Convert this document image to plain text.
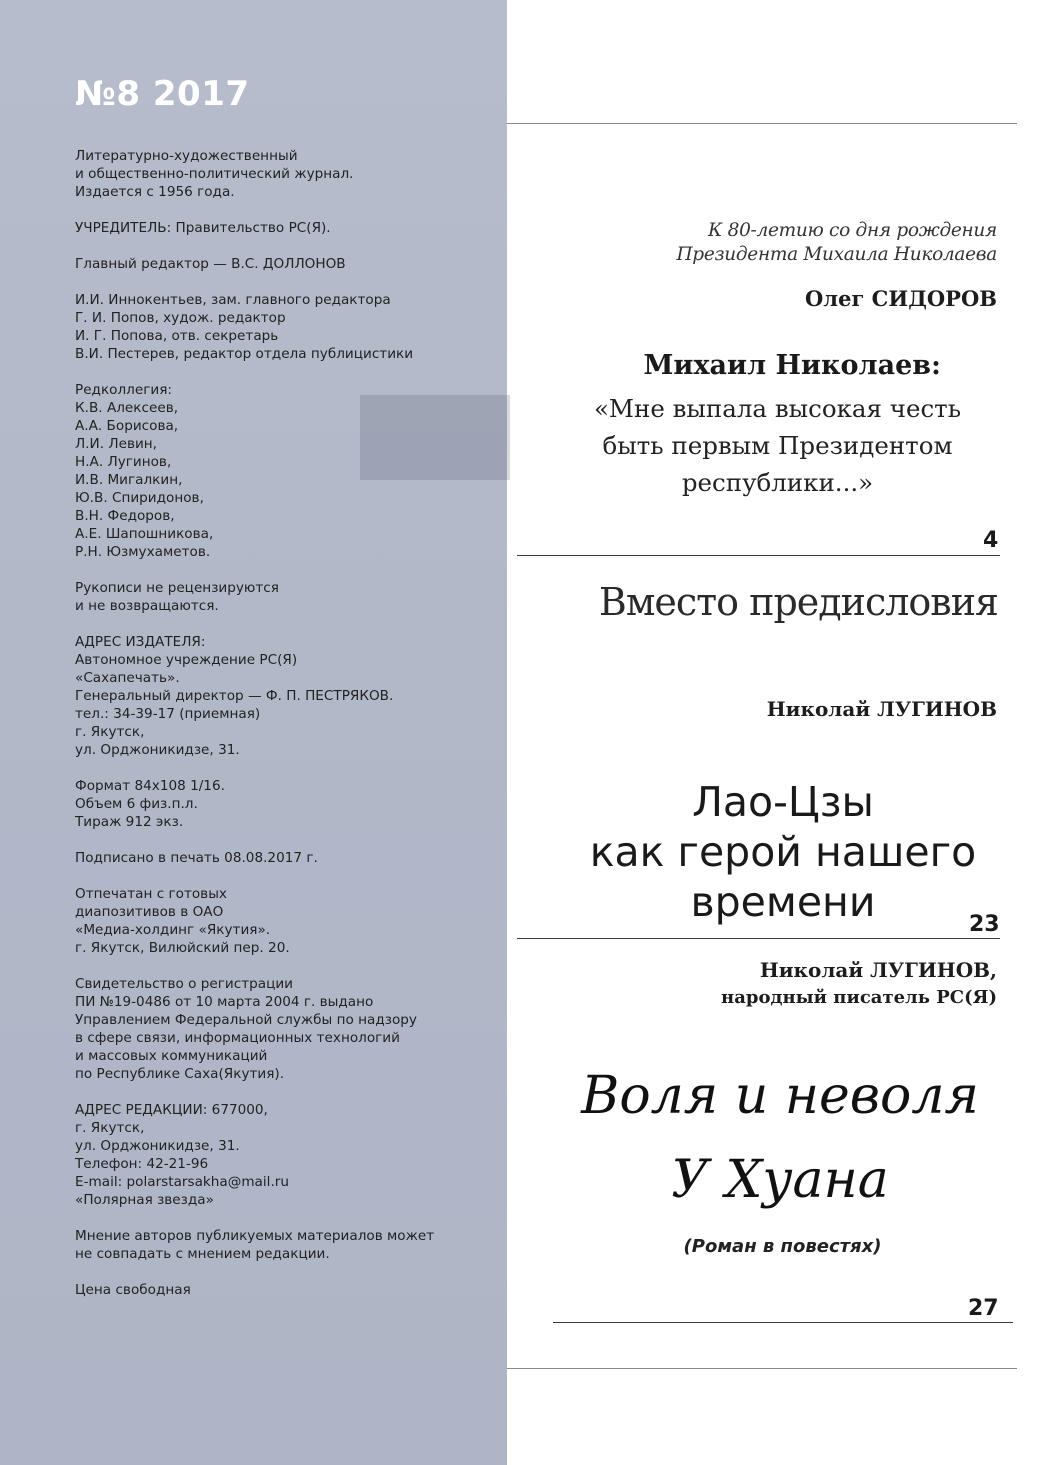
№8 2017
Литературно-художественный
и общественно-политический журнал.
Издается с 1956 года.
УЧРЕДИТЕЛЬ: Правительство РС(Я).
Главный редактор — В.С. ДОЛЛОНОВ
И.И. Иннокентьев, зам. главного редактора
Г. И. Попов, худож. редактор
И. Г. Попова, отв. секретарь
В.И. Пестерев, редактор отдела публицистики
Редколлегия:
К.В. Алексеев,
А.А. Борисова,
Л.И. Левин,
Н.А. Лугинов,
И.В. Мигалкин,
Ю.В. Спиридонов,
В.Н. Федоров,
А.Е. Шапошникова,
Р.Н. Юзмухаметов.
Рукописи не рецензируются
и не возвращаются.
АДРЕС ИЗДАТЕЛЯ:
Автономное учреждение РС(Я)
«Сахапечать».
Генеральный директор — Ф. П. ПЕСТРЯКОВ.
тел.: 34-39-17 (приемная)
г. Якутск,
ул. Орджоникидзе, 31.
Формат 84х108 1/16.
Объем 6 физ.п.л.
Тираж 912 экз.
Подписано в печать 08.08.2017 г.
Отпечатан с готовых
диапозитивов в ОАО
«Медиа-холдинг «Якутия».
г. Якутск, Вилюйский пер. 20.
Свидетельство о регистрации
ПИ №19-0486 от 10 марта 2004 г. выдано
Управлением Федеральной службы по надзору
в сфере связи, информационных технологий
и массовых коммуникаций
по Республике Саха(Якутия).
АДРЕС РЕДАКЦИИ: 677000,
г. Якутск,
ул. Орджоникидзе, 31.
Телефон: 42-21-96
E-mail: polarstarsakha@mail.ru
«Полярная звезда»
Мнение авторов публикуемых материалов может
не совпадать с мнением редакции.
Цена свободная

К 80-летию со дня рождения
Президента Михаила Николаева

Олег СИДОРОВ

Михаил Николаев:

«Мне выпала высокая честь
быть первым Президентом
республики...»

4

Вместо предисловия

Николай ЛУГИНОВ

Лао-Цзы
как герой нашего
времени	23

Николай ЛУГИНОВ,

народный писатель РС(Я)

Воля и неволя

У Хуана

(Роман в повестях)

27
